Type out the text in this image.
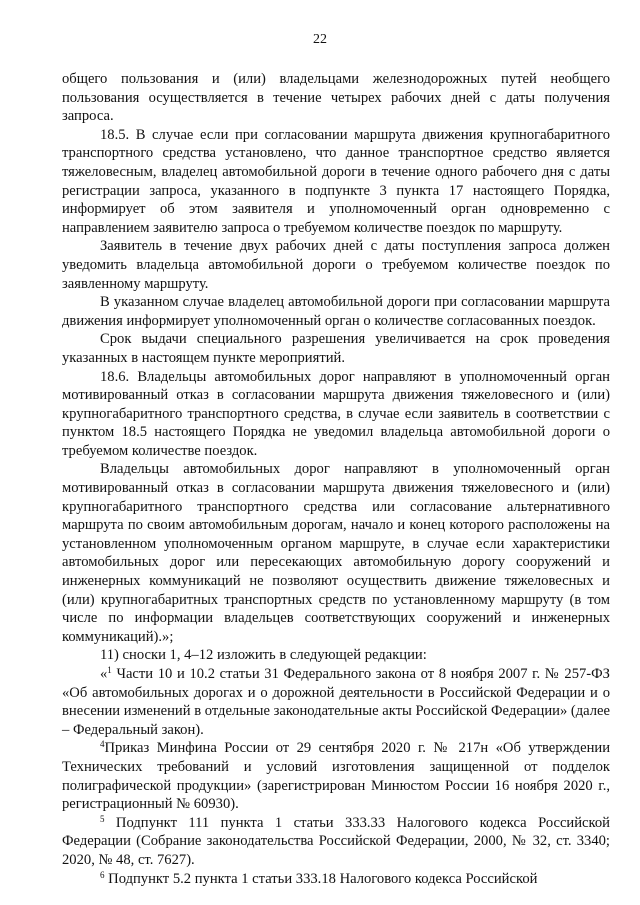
22

общего пользования и (или) владельцами железнодорожных путей необщего пользования осуществляется в течение четырех рабочих дней с даты получения запроса.

18.5. В случае если при согласовании маршрута движения крупногабаритного транспортного средства установлено, что данное транспортное средство является тяжеловесным, владелец автомобильной дороги в течение одного рабочего дня с даты регистрации запроса, указанного в подпункте 3 пункта 17 настоящего Порядка, информирует об этом заявителя и уполномоченный орган одновременно с направлением заявителю запроса о требуемом количестве поездок по маршруту.

Заявитель в течение двух рабочих дней с даты поступления запроса должен уведомить владельца автомобильной дороги о требуемом количестве поездок по заявленному маршруту.

В указанном случае владелец автомобильной дороги при согласовании маршрута движения информирует уполномоченный орган о количестве согласованных поездок.

Срок выдачи специального разрешения увеличивается на срок проведения указанных в настоящем пункте мероприятий.

18.6. Владельцы автомобильных дорог направляют в уполномоченный орган мотивированный отказ в согласовании маршрута движения тяжеловесного и (или) крупногабаритного транспортного средства, в случае если заявитель в соответствии с пунктом 18.5 настоящего Порядка не уведомил владельца автомобильной дороги о требуемом количестве поездок.

Владельцы автомобильных дорог направляют в уполномоченный орган мотивированный отказ в согласовании маршрута движения тяжеловесного и (или) крупногабаритного транспортного средства или согласование альтернативного маршрута по своим автомобильным дорогам, начало и конец которого расположены на установленном уполномоченным органом маршруте, в случае если характеристики автомобильных дорог или пересекающих автомобильную дорогу сооружений и инженерных коммуникаций не позволяют осуществить движение тяжеловесных и (или) крупногабаритных транспортных средств по установленному маршруту (в том числе по информации владельцев соответствующих сооружений и инженерных коммуникаций).»;

11) сноски 1, 4–12 изложить в следующей редакции:

«$^1$ Части 10 и 10.2 статьи 31 Федерального закона от 8 ноября 2007 г. № 257-ФЗ «Об автомобильных дорогах и о дорожной деятельности в Российской Федерации и о внесении изменений в отдельные законодательные акты Российской Федерации» (далее – Федеральный закон).

$^4$Приказ Минфина России от 29 сентября 2020 г. № 217н «Об утверждении Технических требований и условий изготовления защищенной от подделок полиграфической продукции» (зарегистрирован Минюстом России 16 ноября 2020 г., регистрационный № 60930).

$^5$ Подпункт 111 пункта 1 статьи 333.33 Налогового кодекса Российской Федерации (Собрание законодательства Российской Федерации, 2000, № 32, ст. 3340; 2020, № 48, ст. 7627).

$^6$ Подпункт 5.2 пункта 1 статьи 333.18 Налогового кодекса Российской
